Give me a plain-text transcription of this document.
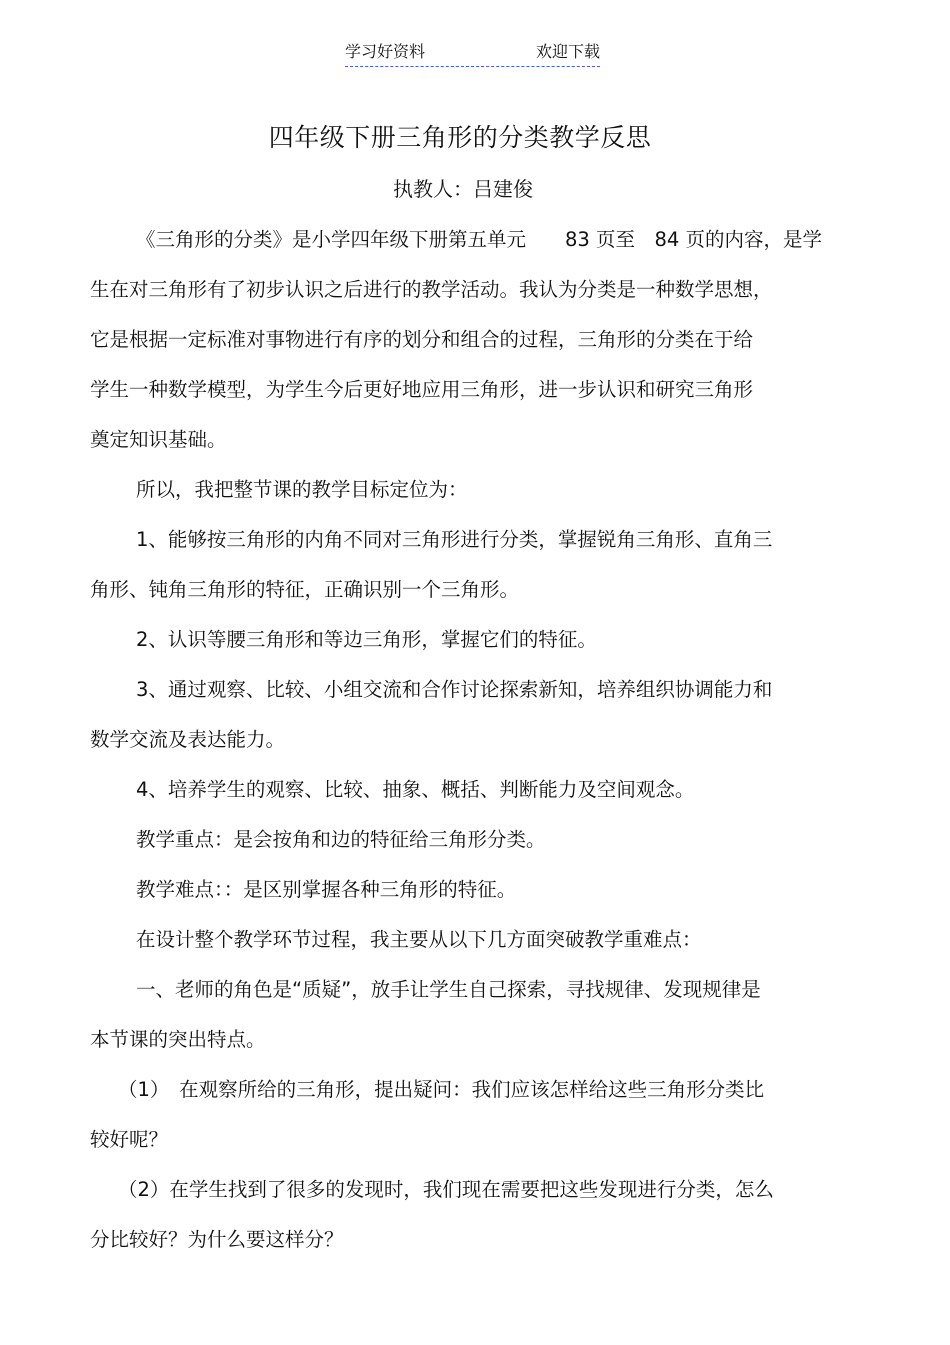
学习好资料	欢迎下载
四年级下册三角形的分类教学反思
执教人：吕建俊
《三角形的分类》是小学四年级下册第五单元　　83 页至　84 页的内容，是学
生在对三角形有了初步认识之后进行的教学活动。我认为分类是一种数学思想，
它是根据一定标准对事物进行有序的划分和组合的过程，三角形的分类在于给
学生一种数学模型，为学生今后更好地应用三角形，进一步认识和研究三角形
奠定知识基础。
所以，我把整节课的教学目标定位为：
1、能够按三角形的内角不同对三角形进行分类，掌握锐角三角形、直角三
角形、钝角三角形的特征，正确识别一个三角形。
2、认识等腰三角形和等边三角形，掌握它们的特征。
3、通过观察、比较、小组交流和合作讨论探索新知，培养组织协调能力和
数学交流及表达能力。
4、培养学生的观察、比较、抽象、概括、判断能力及空间观念。
教学重点：是会按角和边的特征给三角形分类。
教学难点：：是区别掌握各种三角形的特征。
在设计整个教学环节过程，我主要从以下几方面突破教学重难点：
一、老师的角色是“质疑”，放手让学生自己探索，寻找规律、发现规律是
本节课的突出特点。
（1）　在观察所给的三角形，提出疑问：我们应该怎样给这些三角形分类比
较好呢？
（2）在学生找到了很多的发现时，我们现在需要把这些发现进行分类，怎么
分比较好？为什么要这样分？
